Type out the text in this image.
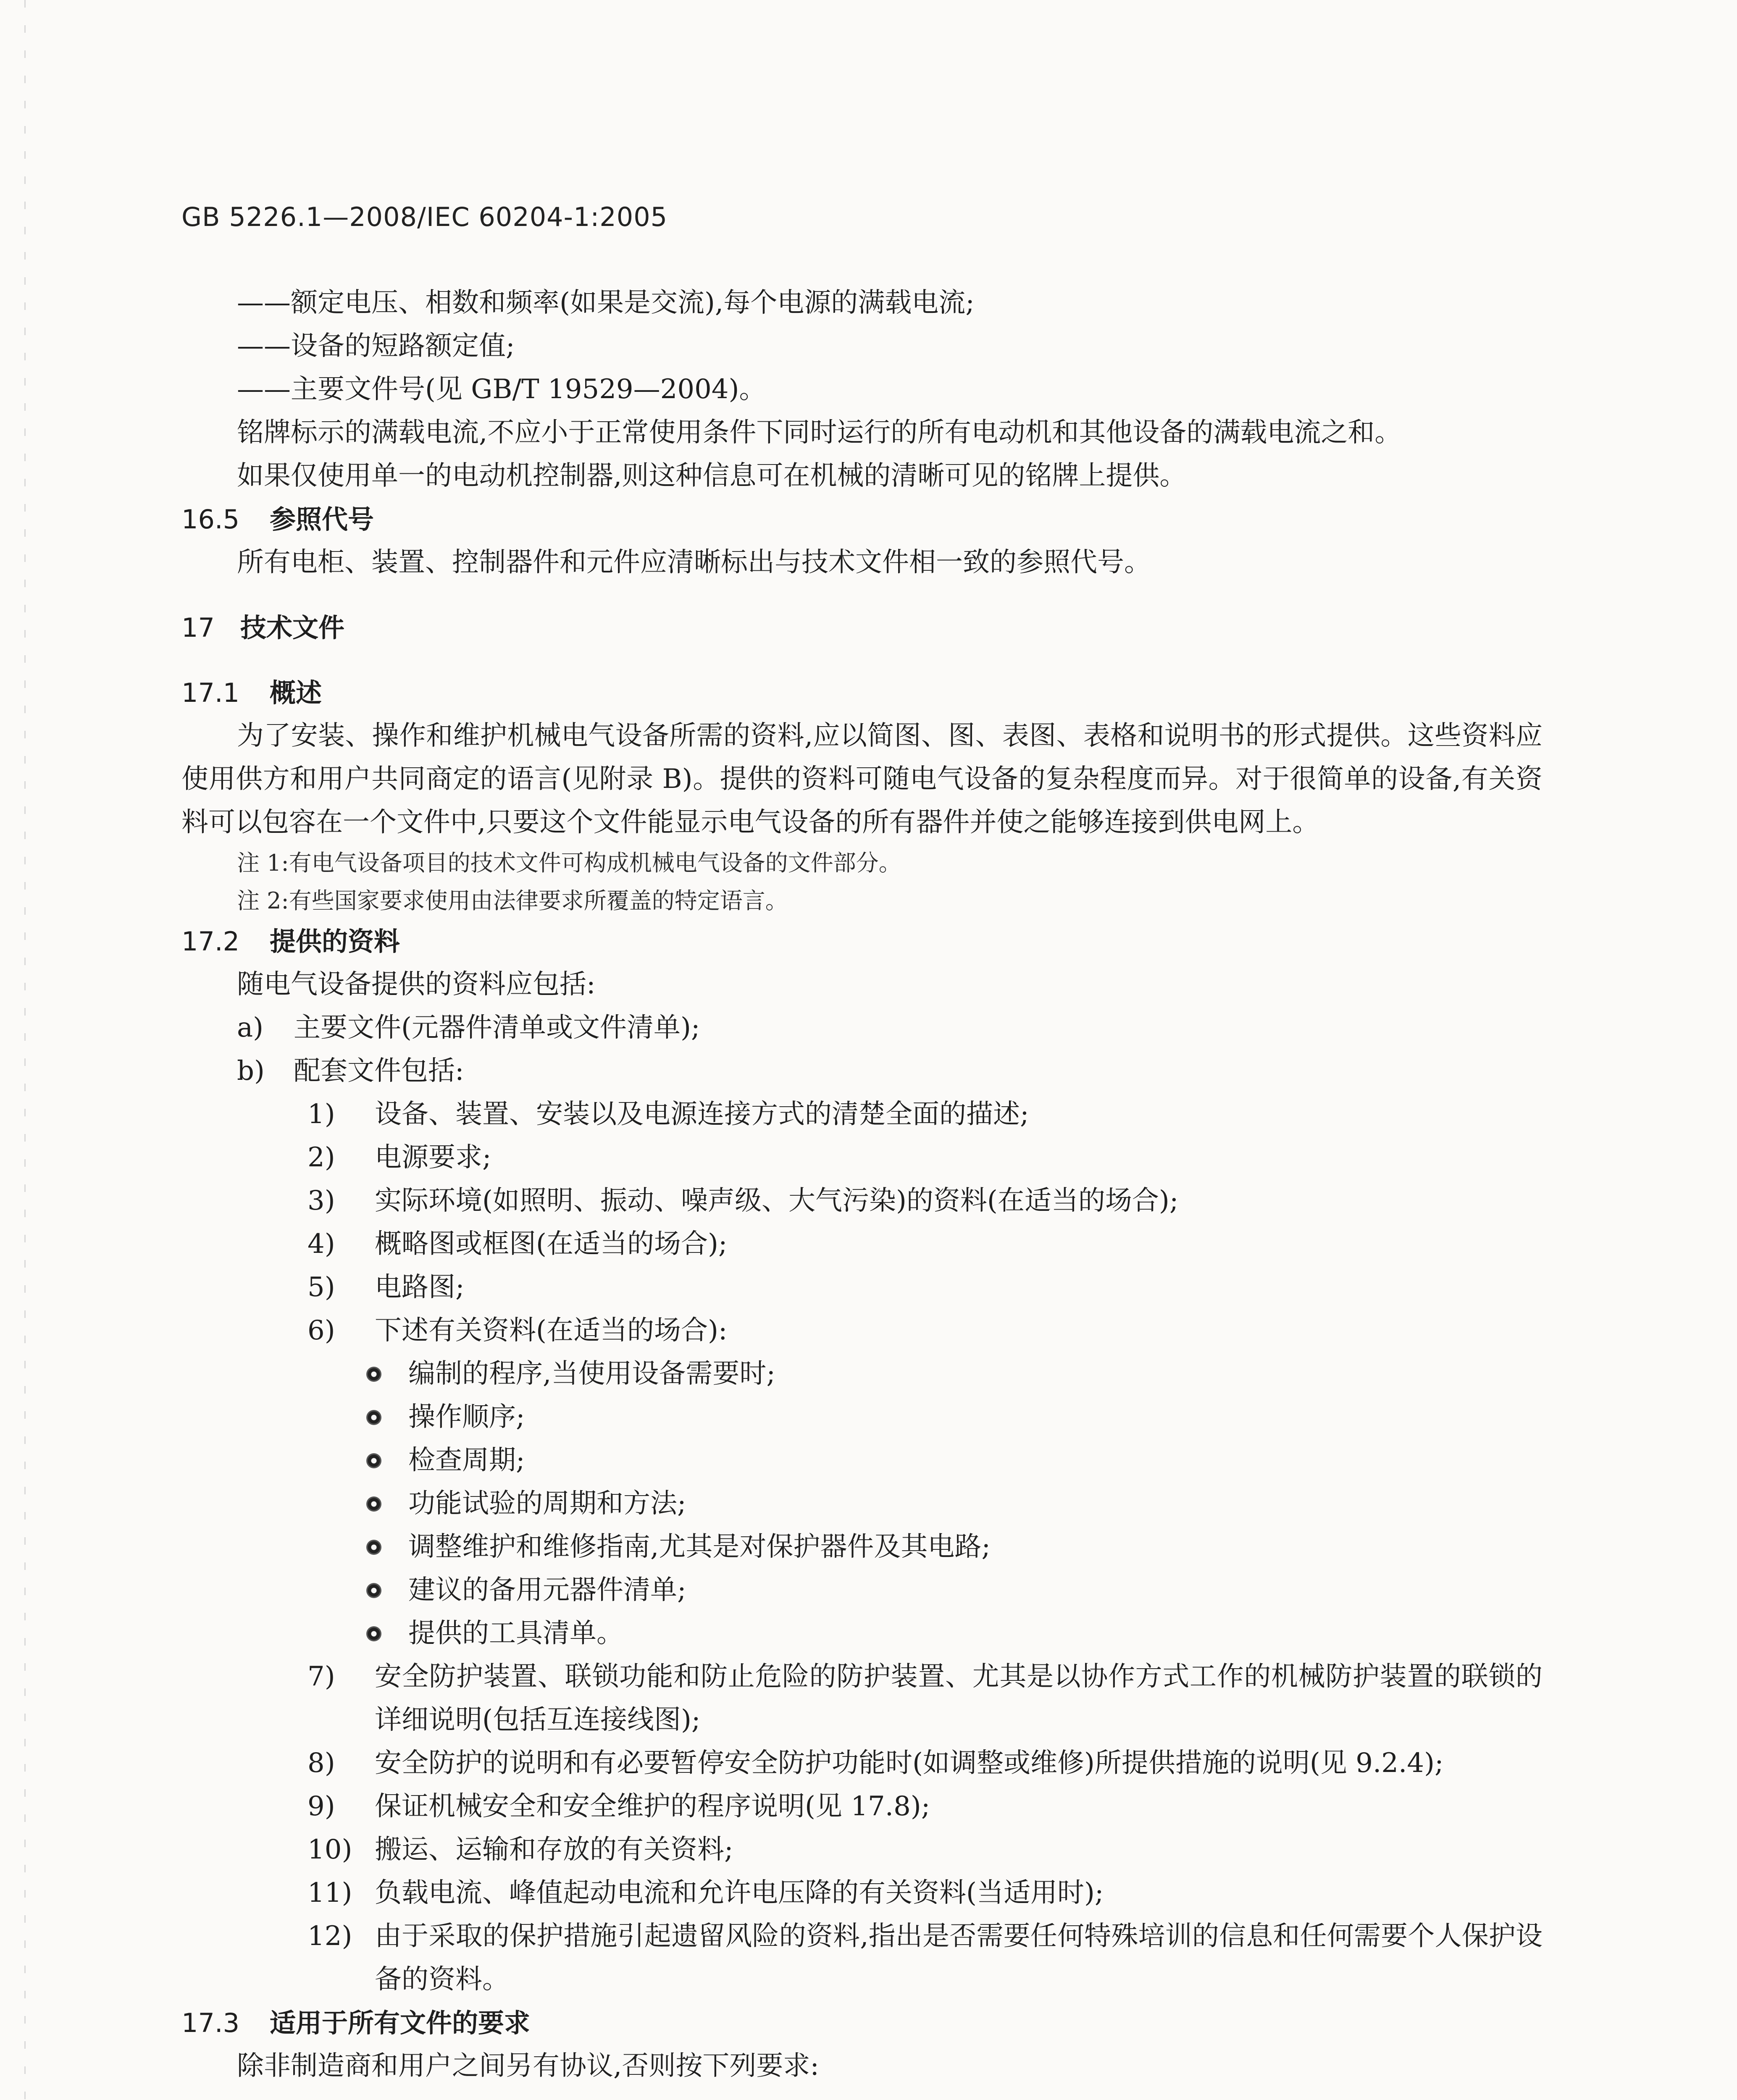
GB 5226.1—2008/IEC 60204-1:2005

——额定电压、相数和频率(如果是交流),每个电源的满载电流;

——设备的短路额定值;

——主要文件号(见 GB/T 19529—2004)。

铭牌标示的满载电流,不应小于正常使用条件下同时运行的所有电动机和其他设备的满载电流之和。

如果仅使用单一的电动机控制器,则这种信息可在机械的清晰可见的铭牌上提供。

16.5 参照代号

所有电柜、装置、控制器件和元件应清晰标出与技术文件相一致的参照代号。

17 技术文件

17.1 概述

为了安装、操作和维护机械电气设备所需的资料,应以简图、图、表图、表格和说明书的形式提供。这些资料应使用供方和用户共同商定的语言(见附录 B)。提供的资料可随电气设备的复杂程度而异。对于很简单的设备,有关资料可以包容在一个文件中,只要这个文件能显示电气设备的所有器件并使之能够连接到供电网上。

注 1:有电气设备项目的技术文件可构成机械电气设备的文件部分。

注 2:有些国家要求使用由法律要求所覆盖的特定语言。

17.2 提供的资料

随电气设备提供的资料应包括:

a)	主要文件(元器件清单或文件清单);
b)	配套文件包括:
1)	设备、装置、安装以及电源连接方式的清楚全面的描述;
2)	电源要求;
3)	实际环境(如照明、振动、噪声级、大气污染)的资料(在适当的场合);
4)	概略图或框图(在适当的场合);
5)	电路图;
6)	下述有关资料(在适当的场合):
编制的程序,当使用设备需要时;
操作顺序;
检查周期;
功能试验的周期和方法;
调整维护和维修指南,尤其是对保护器件及其电路;
建议的备用元器件清单;
提供的工具清单。
7)	安全防护装置、联锁功能和防止危险的防护装置、尤其是以协作方式工作的机械防护装置的联锁的详细说明(包括互连接线图);
8)	安全防护的说明和有必要暂停安全防护功能时(如调整或维修)所提供措施的说明(见 9.2.4);
9)	保证机械安全和安全维护的程序说明(见 17.8);
10) 搬运、运输和存放的有关资料;
11) 负载电流、峰值起动电流和允许电压降的有关资料(当适用时);
12) 由于采取的保护措施引起遗留风险的资料,指出是否需要任何特殊培训的信息和任何需要个人保护设备的资料。

17.3 适用于所有文件的要求

除非制造商和用户之间另有协议,否则按下列要求:
